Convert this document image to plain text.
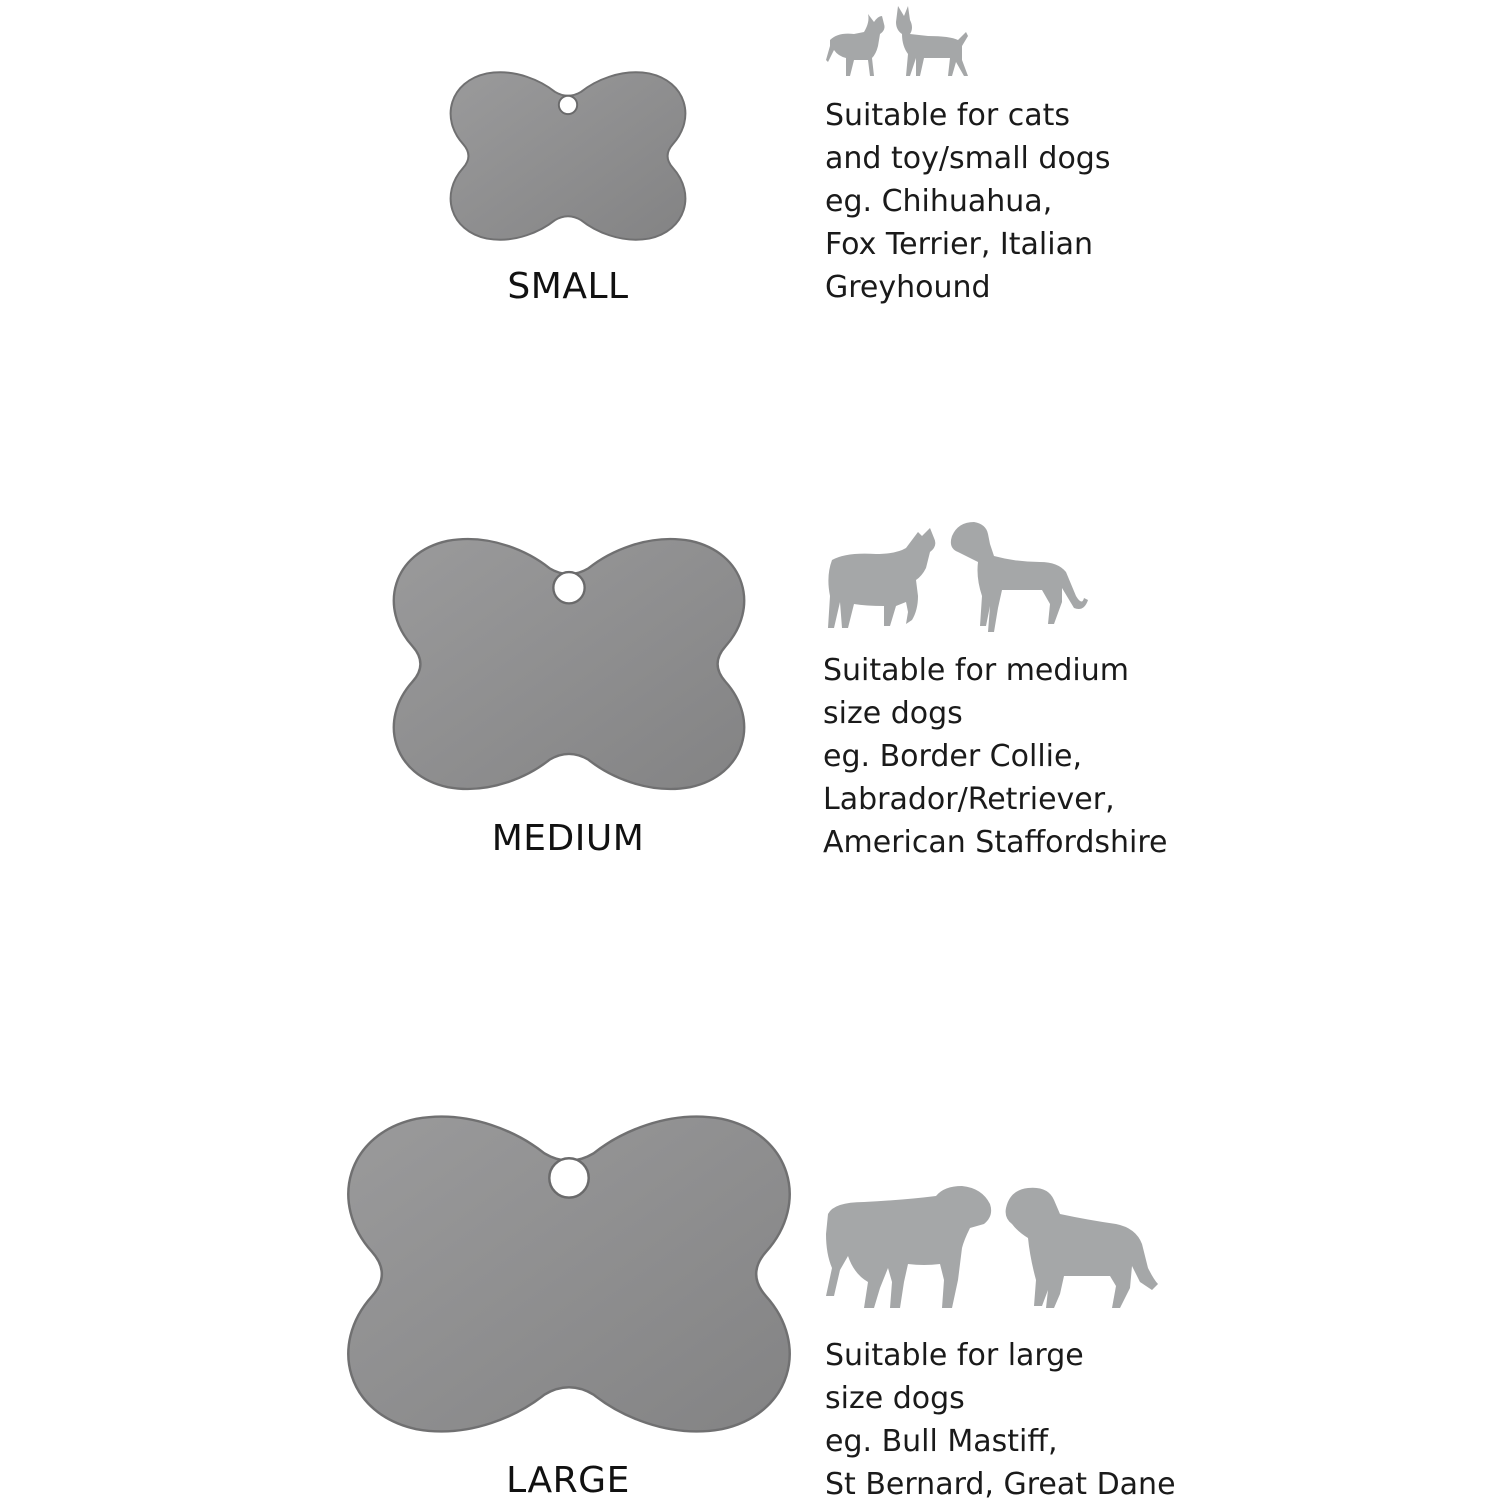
SMALL
Suitable for cats
and toy/small dogs
eg. Chihuahua,
Fox Terrier, Italian
Greyhound
MEDIUM
Suitable for medium
size dogs
eg. Border Collie,
Labrador/Retriever,
American Staffordshire
LARGE
Suitable for large
size dogs
eg. Bull Mastiff,
St Bernard, Great Dane
